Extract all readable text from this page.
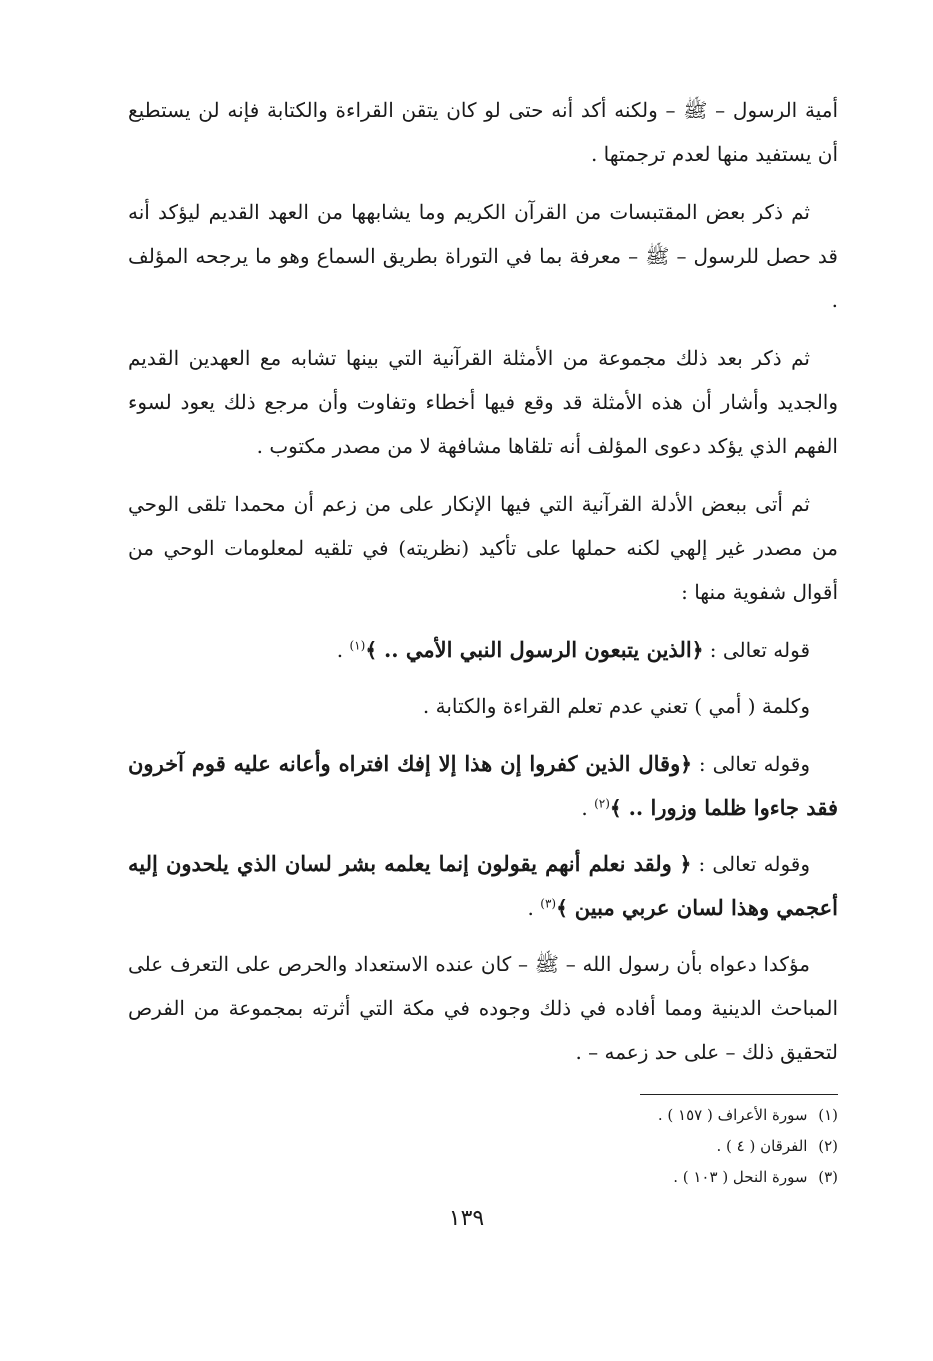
أمية الرسول – ﷺ – ولكنه أكد أنه حتى لو كان يتقن القراءة والكتابة فإنه لن يستطيع أن يستفيد منها لعدم ترجمتها .

ثم ذكر بعض المقتبسات من القرآن الكريم وما يشابهها من العهد القديم ليؤكد أنه قد حصل للرسول – ﷺ – معرفة بما في التوراة بطريق السماع وهو ما يرجحه المؤلف .

ثم ذكر بعد ذلك مجموعة من الأمثلة القرآنية التي بينها تشابه مع العهدين القديم والجديد وأشار أن هذه الأمثلة قد وقع فيها أخطاء وتفاوت وأن مرجع ذلك يعود لسوء الفهم الذي يؤكد دعوى المؤلف أنه تلقاها مشافهة لا من مصدر مكتوب .

ثم أتى ببعض الأدلة القرآنية التي فيها الإنكار على من زعم أن محمدا تلقى الوحي من مصدر غير إلهي لكنه حملها على تأكيد (نظريته) في تلقيه لمعلومات الوحي من أقوال شفوية منها :

قوله تعالى : ﴿الذين يتبعون الرسول النبي الأمي .. ﴾$^{(١)}$ .

وكلمة ( أمي ) تعني عدم تعلم القراءة والكتابة .

وقوله تعالى : ﴿وقال الذين كفروا إن هذا إلا إفك افتراه وأعانه عليه قوم آخرون فقد جاءوا ظلما وزورا .. ﴾$^{(٢)}$ .

وقوله تعالى : ﴿ ولقد نعلم أنهم يقولون إنما يعلمه بشر لسان الذي يلحدون إليه أعجمي وهذا لسان عربي مبين ﴾$^{(٣)}$ .

مؤكدا دعواه بأن رسول الله – ﷺ – كان عنده الاستعداد والحرص على التعرف على المباحث الدينية ومما أفاده في ذلك وجوده في مكة التي أثرته بمجموعة من الفرص لتحقيق ذلك – على حد زعمه – .

(١) سورة الأعراف ( ١٥٧ ) .
(٢) الفرقان ( ٤ ) .
(٣) سورة النحل ( ١٠٣ ) .
١٣٩
